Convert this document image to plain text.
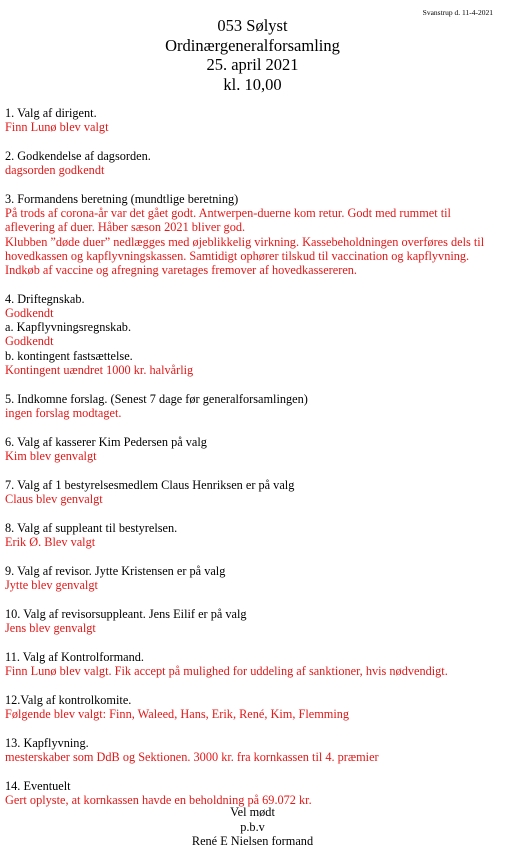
Svanstrup d. 11-4-2021
053 Sølyst
Ordinærgeneralforsamling
25. april 2021
kl. 10,00
1. Valg af dirigent.
Finn Lunø blev valgt
2. Godkendelse af dagsorden.
dagsorden godkendt
3. Formandens beretning (mundtlige beretning)
På trods af corona-år var det gået godt. Antwerpen-duerne kom retur. Godt med rummet til
aflevering af duer. Håber sæson 2021 bliver god.
Klubben ”døde duer” nedlægges med øjeblikkelig virkning. Kassebeholdningen overføres dels til
hovedkassen og kapflyvningskassen. Samtidigt ophører tilskud til vaccination og kapflyvning.
Indkøb af vaccine og afregning varetages fremover af hovedkassereren.
4. Driftegnskab.
Godkendt
a. Kapflyvningsregnskab.
Godkendt
b. kontingent fastsættelse.
Kontingent uændret 1000 kr. halvårlig
5. Indkomne forslag. (Senest 7 dage før generalforsamlingen)
ingen forslag modtaget.
6. Valg af kasserer Kim Pedersen på valg
Kim blev genvalgt
7. Valg af 1 bestyrelsesmedlem Claus Henriksen er på valg
Claus blev genvalgt
8. Valg af suppleant til bestyrelsen.
Erik Ø. Blev valgt
9. Valg af revisor. Jytte Kristensen er på valg
Jytte blev genvalgt
10. Valg af revisorsuppleant. Jens Eilif er på valg
Jens blev genvalgt
11. Valg af Kontrolformand.
Finn Lunø blev valgt. Fik accept på mulighed for uddeling af sanktioner, hvis nødvendigt.
12.Valg af kontrolkomite.
Følgende blev valgt: Finn, Waleed, Hans, Erik, René, Kim, Flemming
13. Kapflyvning.
mesterskaber som DdB og Sektionen. 3000 kr. fra kornkassen til 4. præmier
14. Eventuelt
Gert oplyste, at kornkassen havde en beholdning på 69.072 kr.
Vel mødt
p.b.v
René E Nielsen formand
